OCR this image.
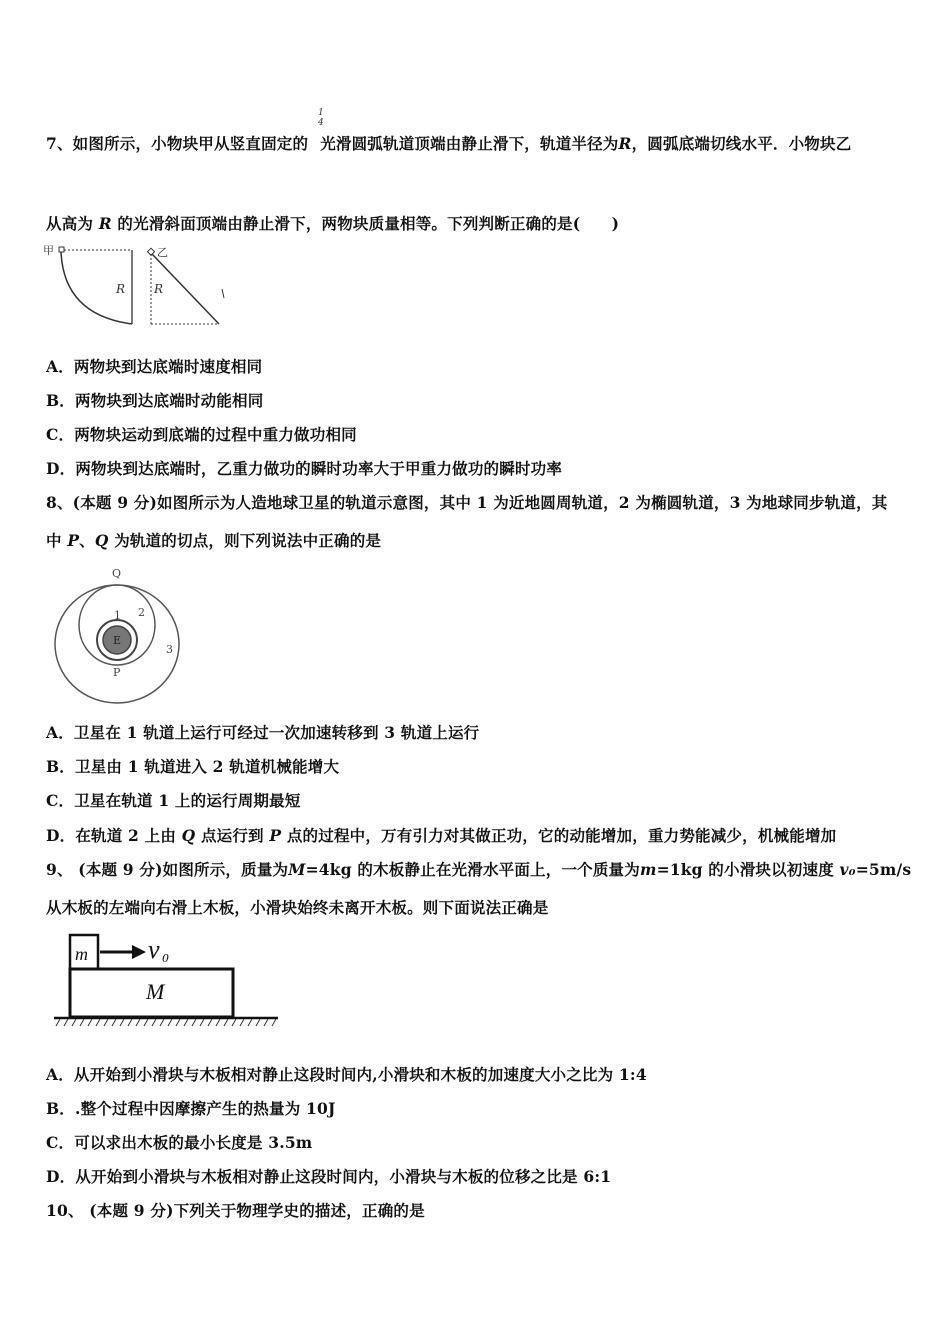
7、如图所示，小物块甲从竖直固定的 光滑圆弧轨道顶端由静止滑下，轨道半径为R，圆弧底端切线水平．小物块乙
1
4
从高为 R 的光滑斜面顶端由静止滑下，两物块质量相等。下列判断正确的是(　　)
甲
R
乙
R
A．两物块到达底端时速度相同
B．两物块到达底端时动能相同
C．两物块运动到底端的过程中重力做功相同
D．两物块到达底端时，乙重力做功的瞬时功率大于甲重力做功的瞬时功率
8、(本题 9 分)如图所示为人造地球卫星的轨道示意图，其中 1 为近地圆周轨道，2 为椭圆轨道，3 为地球同步轨道，其
中 P、Q 为轨道的切点，则下列说法中正确的是
Q
E
1 2
3
P
A．卫星在 1 轨道上运行可经过一次加速转移到 3 轨道上运行
B．卫星由 1 轨道进入 2 轨道机械能增大
C．卫星在轨道 1 上的运行周期最短
D．在轨道 2 上由 Q 点运行到 P 点的过程中，万有引力对其做正功，它的动能增加，重力势能减少，机械能增加
9、 (本题 9 分)如图所示，质量为M=4kg 的木板静止在光滑水平面上，一个质量为m=1kg 的小滑块以初速度 v₀=5m/s
从木板的左端向右滑上木板，小滑块始终未离开木板。则下面说法正确是
m v 0
M
A．从开始到小滑块与木板相对静止这段时间内,小滑块和木板的加速度大小之比为 1:4
B．.整个过程中因摩擦产生的热量为 10J
C．可以求出木板的最小长度是 3.5m
D．从开始到小滑块与木板相对静止这段时间内，小滑块与木板的位移之比是 6:1
10、 (本题 9 分)下列关于物理学史的描述，正确的是
